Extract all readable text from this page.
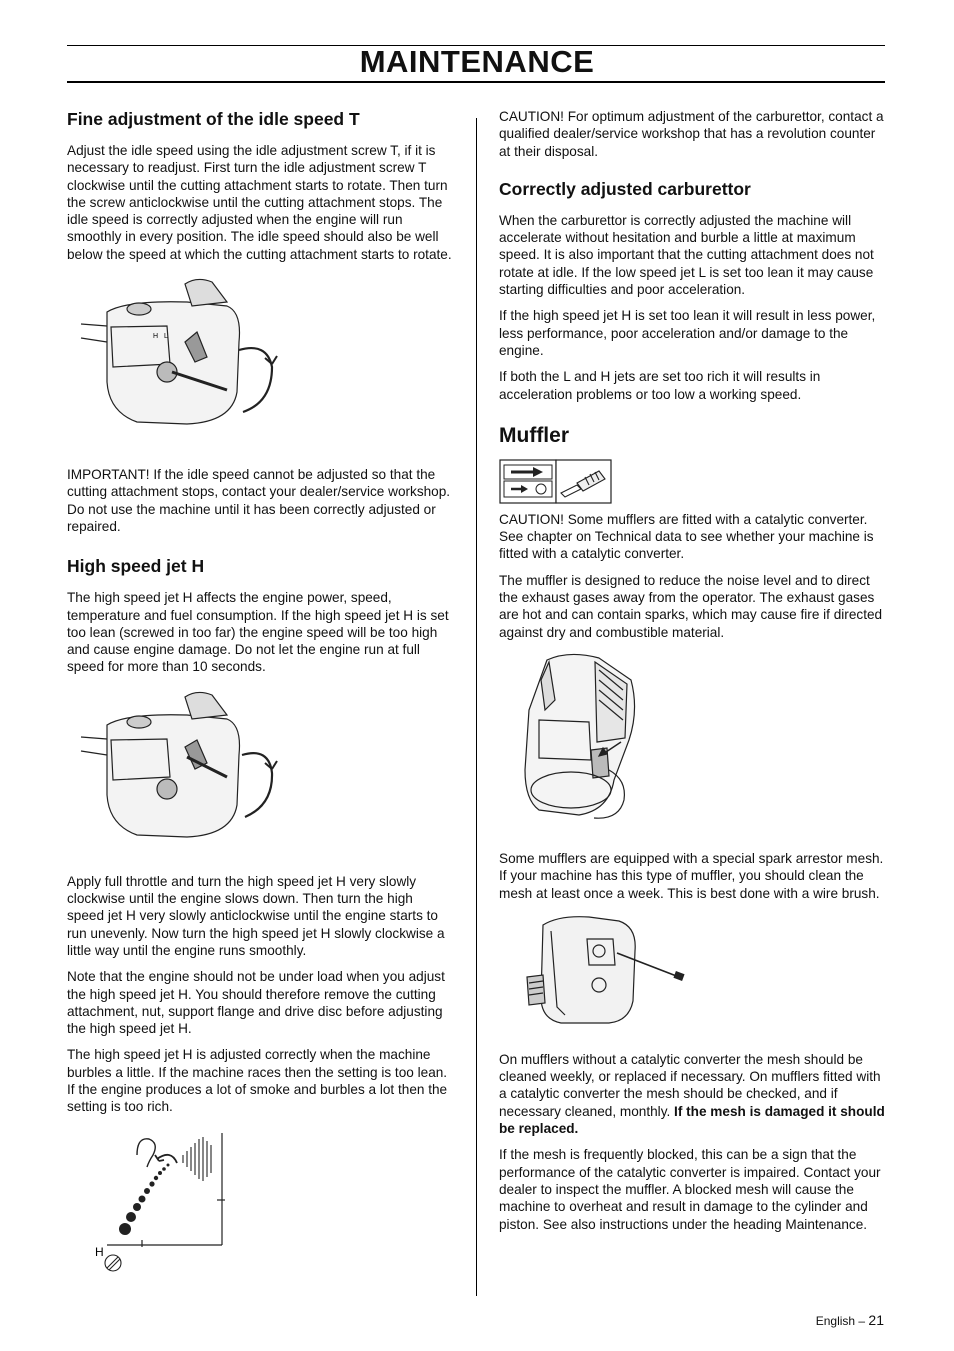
MAINTENANCE
Fine adjustment of the idle speed T

Adjust the idle speed using the idle adjustment screw T, if it is necessary to readjust. First turn the idle adjustment screw T clockwise until the cutting attachment starts to rotate. Then turn the screw anticlockwise until the cutting attachment stops. The idle speed is correctly adjusted when the engine will run smoothly in every position. The idle speed should also be well below the speed at which the cutting attachment starts to rotate.

H L

IMPORTANT! If the idle speed cannot be adjusted so that the cutting attachment stops, contact your dealer/service workshop. Do not use the machine until it has been correctly adjusted or repaired.

High speed jet H

The high speed jet H affects the engine power, speed, temperature and fuel consumption. If the high speed jet H is set too lean (screwed in too far) the engine speed will be too high and cause engine damage. Do not let the engine run at full speed for more than 10 seconds.

Apply full throttle and turn the high speed jet H very slowly clockwise until the engine slows down. Then turn the high speed jet H very slowly anticlockwise until the engine starts to run unevenly. Now turn the high speed jet H slowly clockwise a little way until the engine runs smoothly.

Note that the engine should not be under load when you adjust the high speed jet H. You should therefore remove the cutting attachment, nut, support flange and drive disc before adjusting the high speed jet H.

The high speed jet H is adjusted correctly when the machine burbles a little. If the machine races then the setting is too lean. If the engine produces a lot of smoke and burbles a lot then the setting is too rich.

H

CAUTION! For optimum adjustment of the carburettor, contact a qualified dealer/service workshop that has a revolution counter at their disposal.

Correctly adjusted carburettor

When the carburettor is correctly adjusted the machine will accelerate without hesitation and burble a little at maximum speed. It is also important that the cutting attachment does not rotate at idle. If the low speed jet L is set too lean it may cause starting difficulties and poor acceleration.

If the high speed jet H is set too lean it will result in less power, less performance, poor acceleration and/or damage to the engine.

If both the L and H jets are set too rich it will results in acceleration problems or too low a working speed.

Muffler

CAUTION! Some mufflers are fitted with a catalytic converter. See chapter on Technical data to see whether your machine is fitted with a catalytic converter.

The muffler is designed to reduce the noise level and to direct the exhaust gases away from the operator. The exhaust gases are hot and can contain sparks, which may cause fire if directed against dry and combustible material.

Some mufflers are equipped with a special spark arrestor mesh. If your machine has this type of muffler, you should clean the mesh at least once a week. This is best done with a wire brush.

On mufflers without a catalytic converter the mesh should be cleaned weekly, or replaced if necessary. On mufflers fitted with a catalytic converter the mesh should be checked, and if necessary cleaned, monthly. If the mesh is damaged it should be replaced.

If the mesh is frequently blocked, this can be a sign that the performance of the catalytic converter is impaired. Contact your dealer to inspect the muffler. A blocked mesh will cause the machine to overheat and result in damage to the cylinder and piston. See also instructions under the heading Maintenance.

English – 21
